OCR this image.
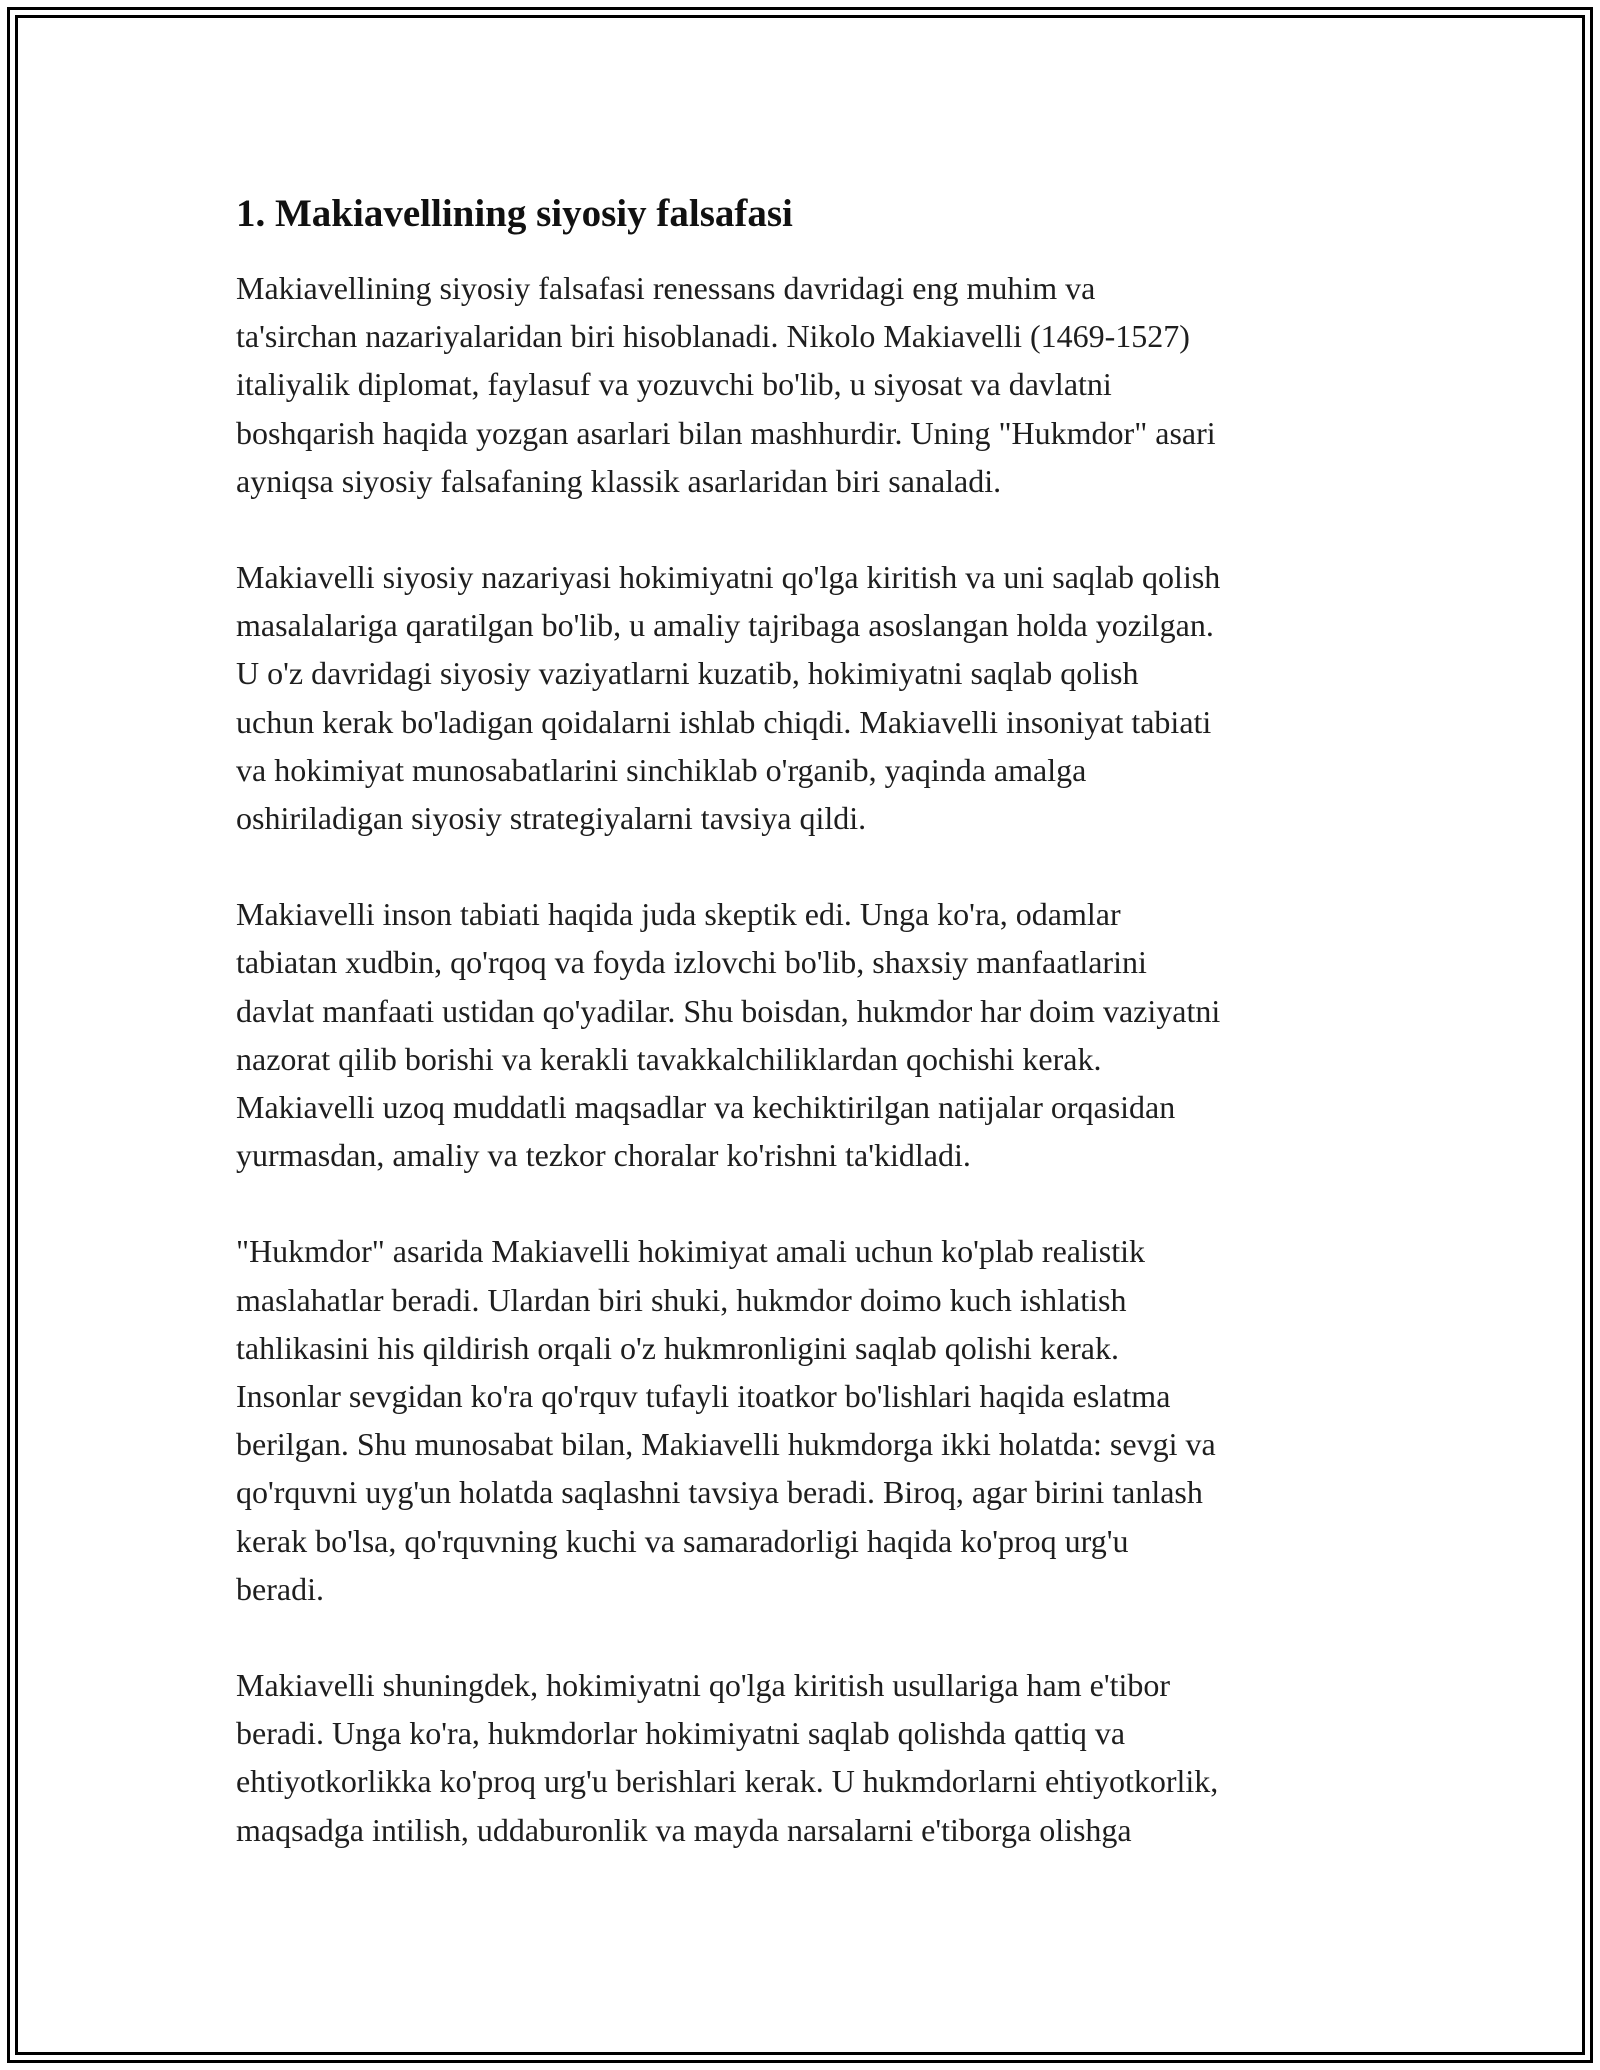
1. Makiavellining siyosiy falsafasi

Makiavellining siyosiy falsafasi renessans davridagi eng muhim va
ta'sirchan nazariyalaridan biri hisoblanadi. Nikolo Makiavelli (1469-1527)
italiyalik diplomat, faylasuf va yozuvchi bo'lib, u siyosat va davlatni
boshqarish haqida yozgan asarlari bilan mashhurdir. Uning "Hukmdor" asari
ayniqsa siyosiy falsafaning klassik asarlaridan biri sanaladi.

Makiavelli siyosiy nazariyasi hokimiyatni qo'lga kiritish va uni saqlab qolish
masalalariga qaratilgan bo'lib, u amaliy tajribaga asoslangan holda yozilgan.
U o'z davridagi siyosiy vaziyatlarni kuzatib, hokimiyatni saqlab qolish
uchun kerak bo'ladigan qoidalarni ishlab chiqdi. Makiavelli insoniyat tabiati
va hokimiyat munosabatlarini sinchiklab o'rganib, yaqinda amalga
oshiriladigan siyosiy strategiyalarni tavsiya qildi.

Makiavelli inson tabiati haqida juda skeptik edi. Unga ko'ra, odamlar
tabiatan xudbin, qo'rqoq va foyda izlovchi bo'lib, shaxsiy manfaatlarini
davlat manfaati ustidan qo'yadilar. Shu boisdan, hukmdor har doim vaziyatni
nazorat qilib borishi va kerakli tavakkalchiliklardan qochishi kerak.
Makiavelli uzoq muddatli maqsadlar va kechiktirilgan natijalar orqasidan
yurmasdan, amaliy va tezkor choralar ko'rishni ta'kidladi.

"Hukmdor" asarida Makiavelli hokimiyat amali uchun ko'plab realistik
maslahatlar beradi. Ulardan biri shuki, hukmdor doimo kuch ishlatish
tahlikasini his qildirish orqali o'z hukmronligini saqlab qolishi kerak.
Insonlar sevgidan ko'ra qo'rquv tufayli itoatkor bo'lishlari haqida eslatma
berilgan. Shu munosabat bilan, Makiavelli hukmdorga ikki holatda: sevgi va
qo'rquvni uyg'un holatda saqlashni tavsiya beradi. Biroq, agar birini tanlash
kerak bo'lsa, qo'rquvning kuchi va samaradorligi haqida ko'proq urg'u
beradi.

Makiavelli shuningdek, hokimiyatni qo'lga kiritish usullariga ham e'tibor
beradi. Unga ko'ra, hukmdorlar hokimiyatni saqlab qolishda qattiq va
ehtiyotkorlikka ko'proq urg'u berishlari kerak. U hukmdorlarni ehtiyotkorlik,
maqsadga intilish, uddaburonlik va mayda narsalarni e'tiborga olishga
